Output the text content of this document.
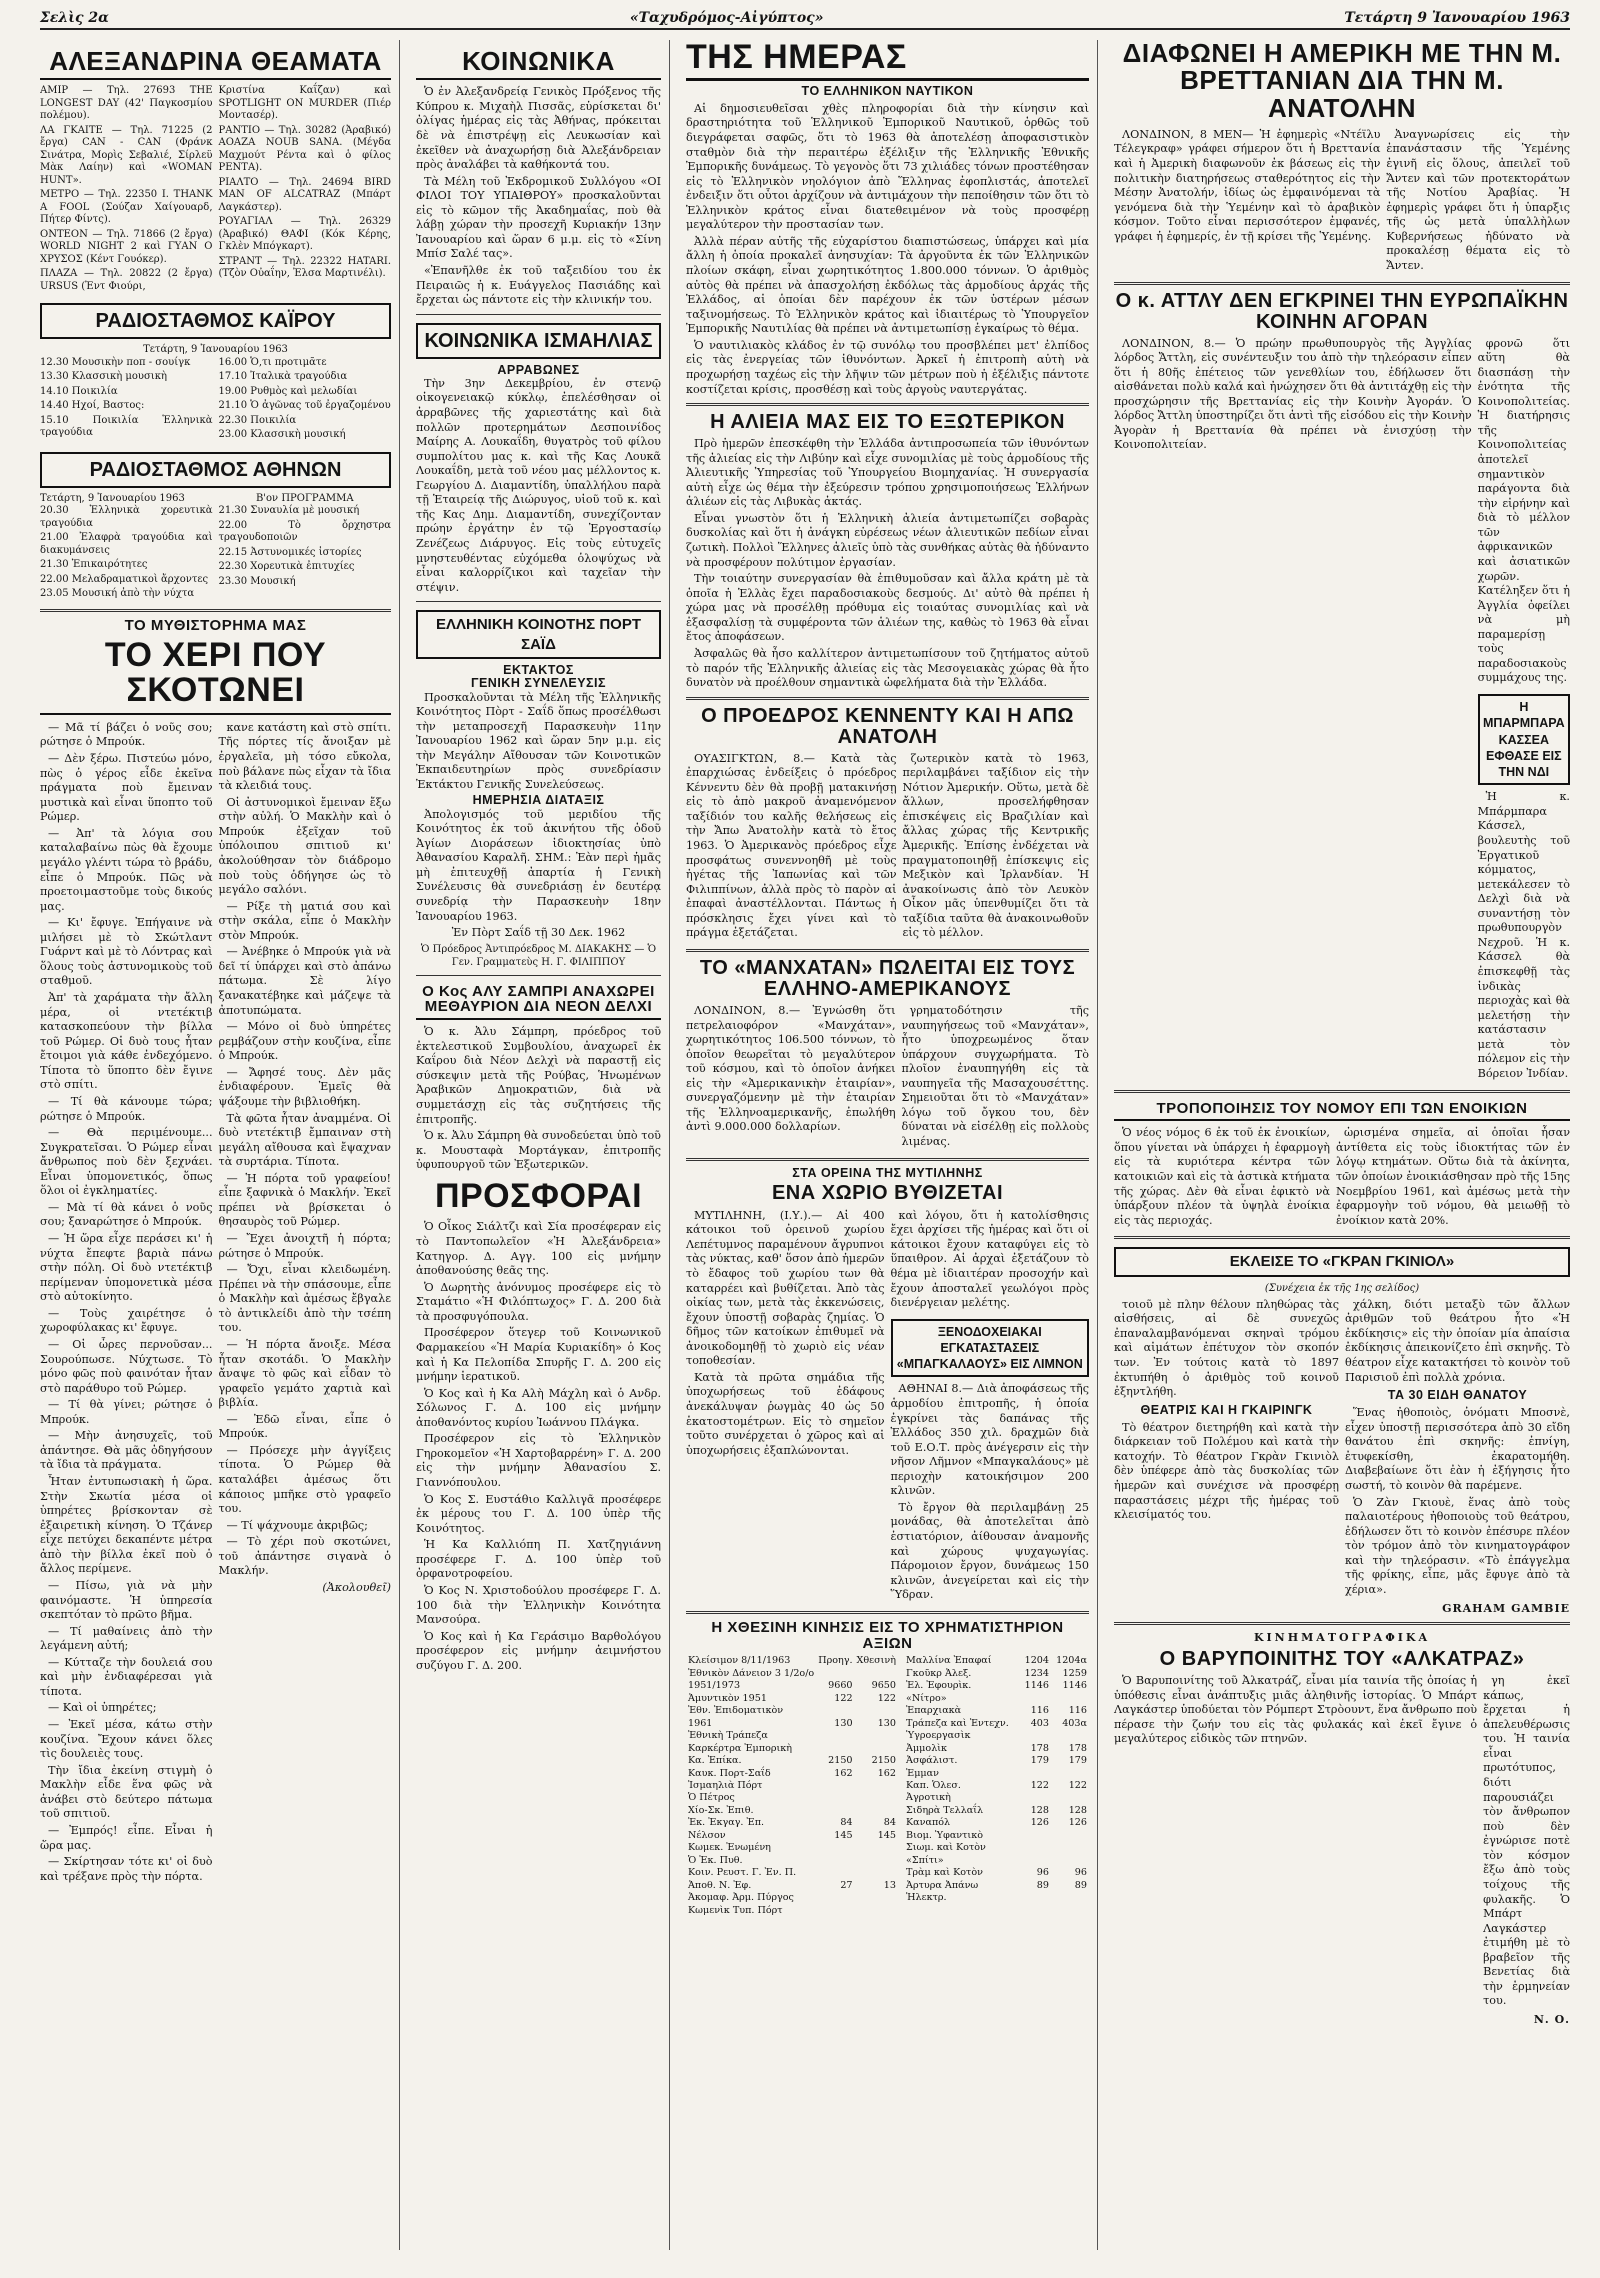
Σελὶς 2α	«Ταχυδρόμος-Αἰγύπτος»	Τετάρτη 9 Ἰανουαρίου 1963
ΑΛΕΞΑΝΔΡΙΝΑ ΘΕΑΜΑΤΑ

ΑΜΙΡ — Τηλ. 27693 THE LONGEST DAY (42' Παγκοσμίου πολέμου).

ΛΑ ΓΚΑΙΤΕ — Τηλ. 71225 (2 ἔργα) CAN - CAN (Φράνκ Σινάτρα, Μορὶς Σεβαλιέ, Σίρλεϋ Μὰκ Λαίην) καὶ «WOMAN HUNT».

ΜΕΤΡΟ — Τηλ. 22350 I. THANK A FOOL (Σούζαν Χαίγουαρδ, Πήτερ Φίντς).

ΟΝΤΕΟΝ — Τηλ. 71866 (2 ἔργα) WORLD NIGHT 2 καὶ ΓΥΑΝ Ο ΧΡΥΣΟΣ (Κέντ Γουόκερ).

ΠΛΑΖΑ — Τηλ. 20822 (2 ἔργα) URSUS (Ἐντ Φιούρι,

Κριστίνα Καΐζαν) καὶ SPOTLIGHT ON MURDER (Πιέρ Μοντασέρ).

ΡΑΝΤΙΟ — Τηλ. 30282 (Ἀραβικό) ΑΟΑΖΑ ΝΟUΒ SAΝΑ. (Μέγδα Μαχμούτ Ρέντα καὶ ὁ φίλος ΡΕΝΤΑ).

ΡΙΑΛΤΟ — Τηλ. 24694 BIRD MAN OF ALCATRAZ (Μπάρτ Λαγκάστερ).

ΡΟΥΑΓΙΑΛ — Τηλ. 26329 (Ἀραβικό) ΘΑΦΙ (Κόκ Κέρης, Γκλὲν Μπόγκαρτ).

ΣΤΡΑΝΤ — Τηλ. 22322 HATARI. (Τζὸν Οὐαΐην, Ἐλσα Μαρτινέλι).

ΡΑΔΙΟΣΤΑΘΜΟΣ ΚΑΪΡΟΥ
Τετάρτη, 9 Ἰανουαρίου 1963

12.30 Μουσικὴν ποπ - σουίγκ

13.30 Κλασσικὴ μουσικὴ

14.10 Ποικιλία

14.40 Ηχοί, Βαστος:

15.10 Ποικιλία Ἑλληνικὰ τραγούδια

16.00 Ὁ,τι προτιμᾶτε

17.10 Ἰταλικὰ τραγούδια

19.00 Ρυθμὸς καὶ μελωδίαι

21.10 Ὁ ἀγῶνας τοῦ ἐργαζομένου

22.30 Ποικιλία

23.00 Κλασσικὴ μουσική

ΡΑΔΙΟΣΤΑΘΜΟΣ ΑΘΗΝΩΝ
Τετάρτη, 9 Ἰανουαρίου 1963	Β'ον ΠΡΟΓΡΑΜΜΑ

20.30 Ἑλληνικὰ χορευτικὰ τραγούδια

21.00 Ἐλαφρὰ τραγούδια καὶ διακυμάνσεις

21.30 Ἐπικαιρότητες

22.00 Μελαδραματικοὶ ἄρχοντες

23.05 Μουσική ἀπὸ τὴν νύχτα

21.30 Συναυλία μὲ μουσική

22.00 Τὸ ὄρχηστρα τραγουδοποιῶν

22.15 Ἀστυνομικές ἱστορίες

22.30 Χορευτικὰ ἐπιτυχίες

23.30 Μουσική

ΤΟ ΜΥΘΙΣΤΟΡΗΜΑ ΜΑΣ
ΤΟ ΧΕΡΙ ΠΟΥ ΣΚΟΤΩΝΕΙ

— Μᾶ τί βάζει ὁ νοῦς σου; ρώτησε ὁ Μπρούκ.

— Δὲν ξέρω. Πιστεύω μόνο, πὼς ὁ γέρος εἶδε ἐκεῖνα πράγματα ποὺ ἔμειναν μυστικὰ καὶ εἶναι ὕποπτο τοῦ Ρώμερ.

— Ἀπ' τὰ λόγια σου καταλαβαίνω πὼς θὰ ἔχουμε μεγάλο γλέντι τώρα τὸ βράδυ, εἶπε ὁ Μπρούκ. Πῶς νὰ προετοιμαστοῦμε τοὺς δικούς μας.

— Κι' ἔφυγε. Ἐπήγαινε νὰ μιλήσει μὲ τὸ Σκώτλαντ Γυάρντ καὶ μὲ τὸ Λόντρας καὶ ὅλους τοὺς ἀστυνομικοὺς τοῦ σταθμοῦ.

Ἀπ' τὰ χαράματα τὴν ἄλλη μέρα, οἱ ντετέκτιβ κατασκοπεύουν τὴν βίλλα τοῦ Ρώμερ. Οἱ δυὸ τους ἦταν ἔτοιμοι γιὰ κάθε ἐνδεχόμενο. Τίποτα τὸ ὕποπτο δὲν ἔγινε στὸ σπίτι.

— Τί θὰ κάνουμε τώρα; ρώτησε ὁ Μπρούκ.

— Θὰ περιμένουμε... Συγκρατεῖσαι. Ὁ Ρώμερ εἶναι ἄνθρωπος ποὺ δὲν ξεχνάει. Εἶναι ὑπομονετικός, ὅπως ὅλοι οἱ ἐγκληματίες.

— Μὰ τί θὰ κάνει ὁ νοῦς σου; ξαναρώτησε ὁ Μπρούκ.

— Ἡ ὥρα εἶχε περάσει κι' ἡ νύχτα ἔπεφτε βαριὰ πάνω στὴν πόλη. Οἱ δυὸ ντετέκτιβ περίμεναν ὑπομονετικὰ μέσα στὸ αὐτοκίνητο.

— Τοὺς χαιρέτησε ὁ χωροφύλακας κι' ἔφυγε.

— Οἱ ὧρες περνοῦσαν... Σουρούπωσε. Νύχτωσε. Τὸ μόνο φῶς ποὺ φαινόταν ἦταν στὸ παράθυρο τοῦ Ρώμερ.

— Τί θὰ γίνει; ρώτησε ὁ Μπρούκ.

— Μὴν ἀνησυχεῖς, τοῦ ἀπάντησε. Θὰ μᾶς ὁδηγήσουν τὰ ἴδια τὰ πράγματα.

Ἦταν ἐντυπωσιακὴ ἡ ὥρα. Στὴν Σκωτία μέσα οἱ ὑπηρέτες βρίσκονταν σὲ ἐξαιρετικὴ κίνηση. Ὁ Τζάνερ εἶχε πετύχει δεκαπέντε μέτρα ἀπὸ τὴν βίλλα ἐκεῖ ποὺ ὁ ἄλλος περίμενε.

— Πίσω, γιὰ νὰ μὴν φαινόμαστε. Ἡ ὑπηρεσία σκεπτόταν τὸ πρῶτο βῆμα.

— Τί μαθαίνεις ἀπὸ τὴν λεγάμενη αὐτή;

— Κύτταζε τὴν δουλειά σου καὶ μὴν ἐνδιαφέρεσαι γιὰ τίποτα.

— Καὶ οἱ ὑπηρέτες;

— Ἐκεῖ μέσα, κάτω στὴν κουζίνα. Ἔχουν κάνει ὅλες τὶς δουλειὲς τους.

Τὴν ἴδια ἐκείνη στιγμὴ ὁ Μακλὴν εἶδε ἕνα φῶς νὰ ἀνάβει στὸ δεύτερο πάτωμα τοῦ σπιτιοῦ.

— Ἐμπρός! εἶπε. Εἶναι ἡ ὥρα μας.

— Σκίρτησαν τότε κι' οἱ δυὸ καὶ τρέξανε πρὸς τὴν πόρτα.

κανε κατάστη καὶ στὸ σπίτι. Τῆς πόρτες τίς ἄνοιξαν μὲ ἐργαλεῖα, μὴ τόσο εὔκολα, ποὺ βάλανε πὼς εἶχαν τὰ ἴδια τὰ κλειδιά τους.

Οἱ ἀστυνομικοὶ ἔμειναν ἔξω στὴν αὐλή. Ὁ Μακλὴν καὶ ὁ Μπρούκ ἐξεῖχαν τοῦ ὑπόλοιπου σπιτιοῦ κι' ἀκολούθησαν τὸν διάδρομο ποὺ τοὺς ὁδήγησε ὡς τὸ μεγάλο σαλόνι.

— Ρίξε τὴ ματιά σου καὶ στὴν σκάλα, εἶπε ὁ Μακλὴν στὸν Μπρούκ.

— Ἀνέβηκε ὁ Μπρούκ γιὰ νὰ δεῖ τί ὑπάρχει καὶ στὸ ἀπάνω πάτωμα. Σὲ λίγο ξανακατέβηκε καὶ μάζεψε τὰ ἀποτυπώματα.

— Μόνο οἱ δυὸ ὑπηρέτες ρεμβάζουν στὴν κουζίνα, εἶπε ὁ Μπρούκ.

— Ἄφησέ τους. Δὲν μᾶς ἐνδιαφέρουν. Ἐμεῖς θὰ ψάξουμε τὴν βιβλιοθήκη.

Τὰ φῶτα ἦταν ἀναμμένα. Οἱ δυὸ ντετέκτιβ ἔμπαιναν στὴ μεγάλη αἴθουσα καὶ ἔψαχναν τὰ συρτάρια. Τίποτα.

— Ἡ πόρτα τοῦ γραφείου! εἶπε ξαφνικὰ ὁ Μακλήν. Ἐκεῖ πρέπει νὰ βρίσκεται ὁ θησαυρὸς τοῦ Ρώμερ.

— Ἔχει ἀνοιχτῆ ἡ πόρτα; ρώτησε ὁ Μπρούκ.

— Ὄχι, εἶναι κλειδωμένη. Πρέπει νὰ τὴν σπάσουμε, εἶπε ὁ Μακλὴν καὶ ἀμέσως ἔβγαλε τὸ ἀντικλείδι ἀπὸ τὴν τσέπη του.

— Ἡ πόρτα ἄνοιξε. Μέσα ἦταν σκοτάδι. Ὁ Μακλὴν ἄναψε τὸ φῶς καὶ εἶδαν τὸ γραφεῖο γεμάτο χαρτιὰ καὶ βιβλία.

— Ἐδῶ εἶναι, εἶπε ὁ Μπρούκ.

— Πρόσεχε μὴν ἀγγίξεις τίποτα. Ὁ Ρώμερ θὰ καταλάβει ἀμέσως ὅτι κάποιος μπῆκε στὸ γραφεῖο του.

— Τί ψάχνουμε ἀκριβῶς;

— Τὸ χέρι ποὺ σκοτώνει, τοῦ ἀπάντησε σιγανὰ ὁ Μακλήν.

(Ἀκολουθεῖ)

ΚΟΙΝΩΝΙΚΑ

Ὁ ἐν Ἀλεξανδρείᾳ Γενικὸς Πρόξενος τῆς Κύπρου κ. Μιχαὴλ Πισσᾶς, εὑρίσκεται δι' ὀλίγας ἡμέρας εἰς τὰς Ἀθήνας, πρόκειται δὲ νὰ ἐπιστρέψῃ εἰς Λευκωσίαν καὶ ἐκεῖθεν νὰ ἀναχωρήσῃ διὰ Ἀλεξάνδρειαν πρὸς ἀναλάβει τὰ καθήκοντά του.

Τὰ Μέλη τοῦ Ἐκδρομικοῦ Συλλόγου «ΟΙ ΦΙΛΟΙ ΤΟΥ ΥΠΑΙΘΡΟΥ» προσκαλοῦνται εἰς τὸ κῶμον τῆς Ἀκαδημαΐας, ποὺ θὰ λάβῃ χώραν τὴν προσεχῆ Κυριακήν 13ην Ἰανουαρίου καὶ ὥραν 6 μ.μ. εἰς τὸ «Σίνη Μπίσ Σαλέ τας».

«Ἐπανῆλθε ἐκ τοῦ ταξειδίου του ἐκ Πειραιῶς ἡ κ. Ευάγγελος Πασιάδης καὶ ἔρχεται ὡς πάντοτε εἰς τὴν κλινικήν του.

ΚΟΙΝΩΝΙΚΑ ΙΣΜΑΗΛΙΑΣ
ΑΡΡΑΒΩΝΕΣ

Τὴν 3ην Δεκεμβρίου, ἐν στενῷ οἰκογενειακῷ κύκλῳ, ἐπελέσθησαν οἱ ἀρραβῶνες τῆς χαριεστάτης καὶ διὰ πολλῶν προτερημάτων Δεσποινίδος Μαίρης Α. Λουκαΐδη, θυγατρὸς τοῦ φίλου συμπολίτου μας κ. καὶ τῆς Κας Λουκᾶ Λουκαΐδη, μετὰ τοῦ νέου μας μέλλοντος κ. Γεωργίου Δ. Διαμαντίδη, ὑπαλλήλου παρὰ τῇ Ἑταιρείᾳ τῆς Διώρυγος, υἱοῦ τοῦ κ. καὶ τῆς Κας Δημ. Διαμαντίδη, συνεχίζονταν πρώην ἐργάτην ἐν τῷ Ἐργοστασίῳ Ζενέζεως Διάρυγος. Εἰς τοὺς εὐτυχεῖς μνηστευθέντας εὐχόμεθα ὁλοψύχως νὰ εἶναι καλορρίζικοι καὶ ταχεῖαν τὴν στέψιν.

ΕΛΛΗΝΙΚΗ ΚΟΙΝΟΤΗΣ ΠΟΡΤ ΣΑΪΔ
ΕΚΤΑΚΤΟΣ
ΓΕΝΙΚΗ ΣΥΝΕΛΕΥΣΙΣ

Προσκαλοῦνται τὰ Μέλη τῆς Ἑλληνικῆς Κοινότητος Πὸρτ - Σαΐδ ὅπως προσέλθωσι τὴν μεταπροσεχῆ Παρασκευὴν 11ην Ἰανουαρίου 1962 καὶ ὥραν 5ην μ.μ. εἰς τὴν Μεγάλην Αἴθουσαν τῶν Κοινοτικῶν Ἐκπαιδευτηρίων πρὸς συνεδρίασιν Ἐκτάκτου Γενικῆς Συνελεύσεως.

ΗΜΕΡΗΣΙΑ ΔΙΑΤΑΞΙΣ

Ἀπολογισμός τοῦ μεριδίου τῆς Κοινότητος ἐκ τοῦ ἀκινήτου τῆς ὁδοῦ Ἀγίων Διοράσεων ἰδιοκτησίας ὑπὸ Ἀθανασίου Καραλῆ. ΣΗΜ.: Ἐὰν περὶ ἡμᾶς μὴ ἐπιτευχθῇ ἀπαρτία ἡ Γενικὴ Συνέλευσις θὰ συνεδριάσῃ ἐν δευτέρᾳ συνεδρίᾳ τὴν Παρασκευὴν 18ην Ἰανουαρίου 1963.

Ἐν Πὸρτ Σαΐδ τῇ 30 Δεκ. 1962

Ὁ Πρόεδρος Ἀντιπρόεδρος Μ. ΔΙΑΚΑΚΗΣ — Ὁ Γεν. Γραμματεὺς Η. Γ. ΦΙΛΙΠΠΟΥ

Ο Κος ΑΛΥ ΣΑΜΠΡΙ ΑΝΑΧΩΡΕΙ ΜΕΘΑΥΡΙΟΝ ΔΙΑ ΝΕΟΝ ΔΕΛΧΙ

Ὁ κ. Ἀλυ Σάμπρη, πρόεδρος τοῦ ἐκτελεστικοῦ Συμβουλίου, ἀναχωρεῖ ἐκ Καΐρου διὰ Νέον Δελχὶ νὰ παραστῇ εἰς σύσκεψιν μετὰ τῆς Ρούβας, Ἡνωμένων Ἀραβικῶν Δημοκρατιῶν, διὰ νὰ συμμετάσχῃ εἰς τὰς συζητήσεις τῆς ἐπιτροπῆς.

Ὁ κ. Ἀλυ Σάμπρη θὰ συνοδεύεται ὑπὸ τοῦ κ. Μουσταφὰ Μορτάγκαν, ἐπιτροπῆς ὑφυπουργοῦ τῶν Ἐξωτερικῶν.

ΠΡΟΣΦΟΡΑΙ

Ὁ Οἶκος Σιάλτζι καὶ Σία προσέφεραν εἰς τὸ Παντοπωλεῖον «Ἡ Ἀλεξάνδρεια» Κατηγορ. Δ. Αγγ. 100 εἰς μνήμην ἀποθανούσης θεᾶς της.

Ὁ Δωρητὴς ἀνόνυμος προσέφερε εἰς τὸ Σταμάτιο «Ἡ Φιλόπτωχος» Γ. Δ. 200 διὰ τὰ προσφυγόπουλα.

Προσέφερον ὅτεγερ τοῦ Κοινωνικοῦ Φαρμακείου «Ἡ Μαρία Κυριακίδη» ὁ Κος καὶ ἡ Κα Πελοπίδα Σπυρῆς Γ. Δ. 200 εἰς μνήμην ἱερατικοῦ.

Ὁ Κος καὶ ἡ Κα Αλὴ Μάχλη καὶ ὁ Ανδρ. Σόλωνος Γ. Δ. 100 εἰς μνήμην ἀποθανόντος κυρίου Ἰωάννου Πλάγκα.

Προσέφερον εἰς τὸ Ἑλληνικὸν Γηροκομεῖον «Ἡ Χαρτοβαρρένη» Γ. Δ. 200 εἰς τὴν μνήμην Ἀθανασίου Σ. Γιαννόπουλου.

Ὁ Κος Σ. Ευστάθιο Καλλιγᾶ προσέφερε ἐκ μέρους του Γ. Δ. 100 ὑπὲρ τῆς Κοινότητος.

Ἡ Κα Καλλιόπη Π. Χατζηγιάννη προσέφερε Γ. Δ. 100 ὑπὲρ τοῦ ὀρφανοτροφείου.

Ὁ Κος Ν. Χριστοδούλου προσέφερε Γ. Δ. 100 διὰ τὴν Ἑλληνικὴν Κοινότητα Μανσούρα.

Ὁ Κος καὶ ἡ Κα Γεράσιμο Βαρθολόγου προσέφερον εἰς μνήμην ἀειμνήστου συζύγου Γ. Δ. 200.

ΤΗΣ ΗΜΕΡΑΣ
ΤΟ ΕΛΛΗΝΙΚΟΝ ΝΑΥΤΙΚΟΝ

Αἱ δημοσιευθεῖσαι χθὲς πληροφορίαι διὰ τὴν κίνησιν καὶ δραστηριότητα τοῦ Ἑλληνικοῦ Ἐμπορικοῦ Ναυτικοῦ, ὁρθῶς τοῦ διεγράφεται σαφῶς, ὅτι τὸ 1963 θὰ ἀποτελέσῃ ἀποφασιστικὸν σταθμὸν διὰ τὴν περαιτέρω ἐξέλιξιν τῆς Ἑλληνικῆς Ἐθνικῆς Ἐμπορικῆς δυνάμεως. Τὸ γεγονὸς ὅτι 73 χιλιάδες τόνων προστέθησαν εἰς τὸ Ἑλληνικὸν νηολόγιον ἀπὸ Ἕλληνας ἐφοπλιστάς, ἀποτελεῖ ἐνδειξιν ὅτι οὗτοι ἀρχίζουν νὰ ἀντιμάχουν τὴν πεποίθησιν τῶν ὅτι τὸ Ἑλληνικὸν κράτος εἶναι διατεθειμένον νὰ τοὺς προσφέρῃ μεγαλύτερον τὴν προστασίαν των.

Ἀλλὰ πέραν αὐτῆς τῆς εὐχαρίστου διαπιστώσεως, ὑπάρχει καὶ μία ἄλλη ἡ ὁποία προκαλεῖ ἀνησυχίαν: Τὰ ἀργοῦντα ἐκ τῶν Ἑλληνικῶν πλοίων σκάφη, εἶναι χωρητικότητος 1.800.000 τόννων. Ὁ ἀριθμὸς αὐτὸς θὰ πρέπει νὰ ἀπασχολήσῃ ἐκδόλως τὰς ἀρμοδίους ἀρχάς τῆς Ἑλλάδος, αἱ ὁποίαι δὲν παρέχουν ἐκ τῶν ὑστέρων μέσων ταξινομήσεως. Τὸ Ἑλληνικὸν κράτος καὶ ἰδιαιτέρως τὸ Ὑπουργεῖον Ἐμπορικῆς Ναυτιλίας θὰ πρέπει νὰ ἀντιμετωπίσῃ ἐγκαίρως τὸ θέμα.

Ὁ ναυτιλιακὸς κλάδος ἐν τῷ συνόλῳ του προσβλέπει μετ' ἐλπίδος εἰς τὰς ἐνεργείας τῶν ἰθυνόντων. Ἀρκεῖ ἡ ἐπιτροπὴ αὐτὴ νὰ προχωρήσῃ ταχέως εἰς τὴν λῆψιν τῶν μέτρων ποὺ ἡ ἐξέλιξις πάντοτε κοστίζεται κρίσις, προσθέσῃ καὶ τοὺς ἀργοὺς ναυτεργάτας.

Η ΑΛΙΕΙΑ ΜΑΣ ΕΙΣ ΤΟ ΕΞΩΤΕΡΙΚΟΝ

Πρὸ ἡμερῶν ἐπεσκέφθη τὴν Ἑλλάδα ἀντιπροσωπεία τῶν ἰθυνόντων τῆς ἀλιείας εἰς τὴν Λιβύην καὶ εἶχε συνομιλίας μὲ τοὺς ἁρμοδίους τῆς Ἀλιευτικῆς Ὑπηρεσίας τοῦ Ὑπουργείου Βιομηχανίας. Ἡ συνεργασία αὐτὴ εἶχε ὡς θέμα τὴν ἐξεύρεσιν τρόπου χρησιμοποιήσεως Ἑλλήνων ἁλιέων εἰς τὰς Λιβυκὰς ἀκτάς.

Εἶναι γνωστὸν ὅτι ἡ Ἑλληνικὴ ἀλιεία ἀντιμετωπίζει σοβαρὰς δυσκολίας καὶ ὅτι ἡ ἀνάγκη εὑρέσεως νέων ἁλιευτικῶν πεδίων εἶναι ζωτικὴ. Πολλοὶ Ἕλληνες ἁλιεῖς ὑπὸ τὰς συνθήκας αὐτὰς θὰ ἠδύναντο νὰ προσφέρουν πολύτιμον ἐργασίαν.

Τὴν τοιαύτην συνεργασίαν θὰ ἐπιθυμοῦσαν καὶ ἄλλα κράτη μὲ τὰ ὁποῖα ἡ Ἑλλὰς ἔχει παραδοσιακοὺς δεσμούς. Δι' αὐτὸ θὰ πρέπει ἡ χώρα μας νὰ προσέλθῃ πρόθυμα εἰς τοιαύτας συνομιλίας καὶ νὰ ἐξασφαλίσῃ τὰ συμφέροντα τῶν ἁλιέων της, καθὼς τὸ 1963 θὰ εἶναι ἔτος ἀποφάσεων.

Ἀσφαλῶς θὰ ἦσο καλλίτερον ἀντιμετωπίσουν τοῦ ζητήματος αὐτοῦ τὸ παρόν τῆς Ἑλληνικῆς ἀλιείας εἰς τὰς Μεσογειακὰς χώρας θὰ ἦτο δυνατὸν νὰ προέλθουν σημαντικὰ ὠφελήματα διὰ τὴν Ἑλλάδα.

Ο ΠΡΟΕΔΡΟΣ ΚΕΝΝΕΝΤΥ ΚΑΙ Η ΑΠΩ ΑΝΑΤΟΛΗ

ΟΥΑΣΙΓΚΤΩΝ, 8.— Κατὰ τὰς ἐπαρχιώσας ἐνδείξεις ὁ πρόεδρος Κέννεντυ δὲν θὰ προβῇ ματακινήσῃ εἰς τὸ ἀπὸ μακροῦ ἀναμενόμενον ταξίδιόν του καλῆς θελήσεως εἰς τὴν Ἄπω Ἀνατολὴν κατὰ τὸ ἔτος 1963. Ὁ Ἀμερικανὸς πρόεδρος εἶχε προσφάτως συνεννοηθῆ μὲ τοὺς ἡγέτας τῆς Ἰαπωνίας καὶ τῶν Φιλιππίνων, ἀλλὰ πρὸς τὸ παρὸν αἱ ἐπαφαὶ ἀναστέλλονται. Πάντως ἡ πρόσκλησις ἔχει γίνει καὶ τὸ πράγμα ἐξετάζεται.

ζωτερικὸν κατὰ τὸ 1963, περιλαμβάνει ταξίδιον εἰς τὴν Νότιον Ἀμερικήν. Οὕτω, μετὰ δὲ ἄλλων, προσελήφθησαν ἐπισκέψεις εἰς Βραζιλίαν καὶ ἄλλας χώρας τῆς Κεντρικῆς Ἀμερικῆς. Ἐπίσης ἐνδέχεται νὰ πραγματοποιηθῇ ἐπίσκεψις εἰς Μεξικὸν καὶ Ἰρλανδίαν. Ἡ ἀνακοίνωσις ἀπὸ τὸν Λευκὸν Οἶκον μᾶς ὑπενθυμίζει ὅτι τὰ ταξίδια ταῦτα θὰ ἀνακοινωθοῦν εἰς τὸ μέλλον.

ΤΟ «ΜΑΝΧΑΤΑΝ» ΠΩΛΕΙΤΑΙ ΕΙΣ ΤΟΥΣ ΕΛΛΗΝΟ-ΑΜΕΡΙΚΑΝΟΥΣ

ΛΟΝΔΙΝΟΝ, 8.— Ἐγνώσθη ὅτι πετρελαιοφόρον «Μανχάταν», χωρητικότητος 106.500 τόννων, τὸ ὁποῖον θεωρεῖται τὸ μεγαλύτερον τοῦ κόσμου, καὶ τὸ ὁποῖον ἀνήκει εἰς τὴν «Ἀμερικανικὴν ἑταιρίαν», συνεργαζόμενην μὲ τὴν ἑταιρίαν τῆς Ἑλληνοαμερικανῆς, ἐπωλήθη ἀντὶ 9.000.000 δολλαρίων.

γρηματοδότησιν τῆς ναυπηγήσεως τοῦ «Μανχάταν», ἦτο ὑποχρεωμένος ὅταν ὑπάρχουν συγχωρήματα. Τὸ πλοῖον ἐναυπηγήθη εἰς τὰ ναυπηγεῖα τῆς Μασαχουσέττης. Σημειοῦται ὅτι τὸ «Μανχάταν» λόγω τοῦ ὄγκου του, δὲν δύναται νὰ εἰσέλθῃ εἰς πολλοὺς λιμένας.

ΣΤΑ ΟΡΕΙΝΑ ΤΗΣ ΜΥΤΙΛΗΝΗΣ
ΕΝΑ ΧΩΡΙΟ ΒΥΘΙΖΕΤΑΙ

ΜΥΤΙΛΗΝΗ, (Ι.Υ.).— Αἱ 400 κάτοικοι τοῦ ὀρεινοῦ χωρίου Λεπέτυμνος παραμένουν ἄγρυπνοι τὰς νύκτας, καθ' ὅσον ἀπὸ ἡμερῶν τὸ ἔδαφος τοῦ χωρίου των θὰ καταρρέει καὶ βυθίζεται. Ἀπὸ τὰς οἰκίας των, μετὰ τὰς ἐκκενώσεις, ἔχουν ὑποστῇ σοβαρὰς ζημίας. Ὁ δῆμος τῶν κατοίκων ἐπιθυμεῖ νὰ ἀνοικοδομηθῇ τὸ χωριὸ εἰς νέαν τοποθεσίαν.

Κατὰ τὰ πρῶτα σημάδια τῆς ὑποχωρήσεως τοῦ ἐδάφους ἀνεκάλυψαν ῥωγμὰς 40 ὡς 50 ἑκατοστομέτρων. Εἰς τὸ σημεῖον τοῦτο συνέρχεται ὁ χῶρος καὶ αἱ ὑποχωρήσεις ἐξαπλώνονται.

καὶ λόγου, ὅτι ἡ κατολίσθησις ἔχει ἀρχίσει τῆς ἡμέρας καὶ ὅτι οἱ κάτοικοι ἔχουν καταφύγει εἰς τὸ ὕπαιθρον. Αἱ ἀρχαὶ ἐξετάζουν τὸ θέμα μὲ ἰδιαιτέραν προσοχήν καὶ ἔχουν ἀποσταλεῖ γεωλόγοι πρὸς διενέργειαν μελέτης.

ΞΕΝΟΔΟΧΕΙΑΚΑΙ ΕΓΚΑΤΑΣΤΑΣΕΙΣ «ΜΠΑΓΚΑΛΑΟΥΣ» ΕΙΣ ΛΙΜΝΟΝ

ΑΘΗΝΑΙ 8.— Διὰ ἀποφάσεως τῆς ἁρμοδίου ἐπιτροπῆς, ἡ ὁποία ἐγκρίνει τὰς δαπάνας τῆς Ἑλλάδος 350 χιλ. δραχμῶν διὰ τοῦ Ε.Ο.Τ. πρὸς ἀνέγερσιν εἰς τὴν νῆσον Λῆμνον «Μπαγκαλάους» μὲ περιοχὴν κατοικήσιμον 200 κλινῶν.

Τὸ ἔργον θὰ περιλαμβάνῃ 25 μονάδας, θὰ ἀποτελεῖται ἀπὸ ἐστιατόριον, ἀίθουσαν ἀναμονῆς καὶ χώρους ψυχαγωγίας. Πάρομοιον ἔργον, δυνάμεως 150 κλινῶν, ἀνεγείρεται καὶ εἰς τὴν Ὕδραν.

Η ΧΘΕΣΙΝΗ ΚΙΝΗΣΙΣ ΕΙΣ ΤΟ ΧΡΗΜΑΤΙΣΤΗΡΙΟΝ ΑΞΙΩΝ
Κλείσιμον 8/11/1963	Προηγ.	Χθεσινὴ
Ἐθνικὸν Δάνειον 3 1/2ο/ο		
1951/1973	9660	9650
Ἀμυντικὸν 1951	122	122
Ἐθν. Ἐπιδοματικὸν		
1961	130	130
Ἐθνικὴ Τράπεζα		
Καρκέρτρα Ἐμπορικὴ		
Κα. Ἐπίκα.	2150	2150
Καυκ. Πορτ-Σαΐδ	162	162
Ἰσμαηλιὰ Πόρτ		
Ὁ Πέτρος		
Χίο-Σκ. Ἐπιθ.		
Ἐκ. Ἐκγαγ. Ἐπ.	84	84
Νέλσον	145	145
Κωμεκ. Ἐνωμένη		
Ὁ Ἐκ. Πυθ.		
Κοιν. Ρευστ. Γ. Ἐν. Π.		
Ἀποθ. Ν. Ἐφ.	27	13
Ἀκομαφ. Ἀρμ. Πύργος		
Κωμενὶκ Τυπ. Πόρτ		
Μαλλίνα Ἐπαφαί	1204	1204α
Γκοῦκρ Ἀλεξ.	1234	1259
Ἐλ. Ἐφουρὶκ.	1146	1146
«Νίτρο»		
Ἐπαρχιακὰ	116	116
Τράπεζα καὶ Ἐντεχν.	403	403α
Ὑγροεργασὶκ		
Ἀμμολὶκ	178	178
Ἀσφάλιστ.	179	179
Ἐμμαν		
Καπ. Ὁλεσ.	122	122
Ἀγροτικὴ		
Σιδηρὰ Τελλαΐλ	128	128
Καναπόλ	126	126
Βιομ. Ὑφαντικὸ		
Σιωμ. καὶ Κοτὸν		
«Σπίτι»		
Τρὰμ καὶ Κοτὸν	96	96
Ἀρτυρα Ἀπάνω	89	89
Ἡλεκτρ.		
ΔΙΑΦΩΝΕΙ Η ΑΜΕΡΙΚΗ ΜΕ ΤΗΝ Μ. ΒΡΕΤΤΑΝΙΑΝ ΔΙΑ ΤΗΝ Μ. ΑΝΑΤΟΛΗΝ

ΛΟΝΔΙΝΟΝ, 8 ΜΕΝ— Ἡ ἐφημερὶς «Ντέϊλυ Τέλεγκραφ» γράφει σήμερον ὅτι ἡ Βρεττανία καὶ ἡ Ἀμερικὴ διαφωνοῦν ἐκ βάσεως εἰς τὴν πολιτικὴν διατηρήσεως σταθερότητος εἰς τὴν Μέσην Ἀνατολήν, ἰδίως ὡς ἐμφαινόμεναι τὰ γενόμενα διὰ τὴν Ὑεμένην καὶ τὸ ἀραβικὸν κόσμον. Τοῦτο εἶναι περισσότερον ἐμφανές, γράφει ἡ ἐφημερίς, ἐν τῇ κρίσει τῆς Ὑεμένης.

Ἀναγνωρίσεις εἰς τὴν ἐπανάστασιν τῆς Ὑεμένης ἐγινῆ εἰς ὅλους, ἀπειλεῖ τοῦ Ἄντεν καὶ τῶν προτεκτοράτων τῆς Νοτίου Ἀραβίας. Ἡ ἐφημερὶς γράφει ὅτι ἡ ὑπαρξις τῆς ὡς μετὰ ὑπαλλὴλων Κυβερνήσεως ἠδύνατο νὰ προκαλέσῃ θέματα εἰς τὸ Ἄντεν.

Ο κ. ΑΤΤΛΥ ΔΕΝ ΕΓΚΡΙΝΕΙ ΤΗΝ ΕΥΡΩΠΑΪΚΗΝ ΚΟΙΝΗΝ ΑΓΟΡΑΝ

ΛΟΝΔΙΝΟΝ, 8.— Ὁ πρώην πρωθυπουργὸς τῆς Ἀγγλίας λόρδος Ἄττλη, εἰς συνέντευξιν του ἀπὸ τὴν τηλεόρασιν εἶπεν ὅτι ἡ 80ῆς ἐπέτειος τῶν γενεθλίων του, ἐδήλωσεν ὅτι αἰσθάνεται πολὺ καλά καὶ ἠνώχησεν ὅτι θὰ ἀντιτάχθῃ εἰς τὴν προσχώρησιν τῆς Βρεττανίας εἰς τὴν Κοινὴν Ἀγοράν. Ὁ λόρδος Ἄττλη ὑποστηρίζει ὅτι ἀντὶ τῆς εἰσόδου εἰς τὴν Κοινὴν Ἀγορὰν ἡ Βρεττανία θὰ πρέπει νὰ ἐνισχύσῃ τὴν Κοινοπολιτείαν.

φρονῶ ὅτι αὕτη θὰ διασπάσῃ τὴν ἐνότητα τῆς Κοινοπολιτείας. Ἡ διατήρησις τῆς Κοινοπολιτείας ἀποτελεῖ σημαντικὸν παράγοντα διὰ τὴν εἰρήνην καὶ διὰ τὸ μέλλον τῶν ἀφρικανικῶν καὶ ἀσιατικῶν χωρῶν. Κατέληξεν ὅτι ἡ Ἀγγλία ὀφείλει νὰ μὴ παραμερίσῃ τοὺς παραδοσιακοὺς συμμάχους της.

Η ΜΠΑΡΜΠΑΡΑ ΚΑΣΣΕΑ ΕΦΘΑΣΕ ΕΙΣ ΤΗΝ ΝΔΙ

Ἡ κ. Μπάρμπαρα Κάσσελ, βουλευτὴς τοῦ Ἐργατικοῦ κόμματος, μετεκάλεσεν τὸ Δελχὶ διὰ νὰ συναντήσῃ τὸν πρωθυπουργὸν Νεχροῦ. Ἡ κ. Κάσσελ θὰ ἐπισκεφθῇ τὰς ἰνδικὰς περιοχὰς καὶ θὰ μελετήσῃ τὴν κατάστασιν μετὰ τὸν πόλεμον εἰς τὴν Βόρειον Ἰνδίαν.

ΤΡΟΠΟΠΟΙΗΣΙΣ ΤΟΥ ΝΟΜΟΥ ΕΠΙ ΤΩΝ ΕΝΟΙΚΙΩΝ

Ὁ νέος νόμος 6 ἐκ τοῦ ἐκ ἐνοικίων, ὅπου γίνεται νὰ ὑπάρχει ἡ ἐφαρμογὴ εἰς τὰ κυριότερα κέντρα τῶν κατοικιῶν καὶ εἰς τὰ ἀστικὰ κτήματα τῆς χώρας. Δὲν θὰ εἶναι ἐφικτὸ νὰ ὑπάρξουν πλέον τὰ ὑψηλὰ ἐνοίκια εἰς τὰς περιοχάς.

ὡρισμένα σημεῖα, αἱ ὁποῖαι ἦσαν ἀντίθετα εἰς τοὺς ἰδιοκτήτας τῶν ἐν λόγῳ κτημάτων. Οὕτω διὰ τὰ ἀκίνητα, τῶν ὁποίων ἐνοικιάσθησαν πρὸ τῆς 15ης Νοεμβρίου 1961, καὶ ἀμέσως μετὰ τὴν ἐφαρμογὴν τοῦ νόμου, θὰ μειωθῇ τὸ ἐνοίκιον κατὰ 20%.

ΕΚΛΕΙΣΕ ΤΟ «ΓΚΡΑΝ ΓΚΙΝΙΟΛ»
(Συνέχεια ἐκ τῆς 1ης σελίδος)

τοιοῦ μὲ πλην θέλουν πληθώρας τὰς αἰσθήσεις, αἱ δὲ συνεχῶς ἐπαναλαμβανόμεναι σκηναὶ τρόμου καὶ αἰμάτων ἐπέτυχον τὸν σκοπόν των. Ἐν τούτοις κατὰ τὸ 1897 ἐκτυπήθη ὁ ἀριθμὸς τοῦ κοινοῦ ἐξηντλήθη.

ΘΕΑΤΡΙΣ ΚΑΙ Η ΓΚΑΙΡΙΝΓΚ

Τὸ θέατρον διετηρήθη καὶ κατὰ τὴν διάρκειαν τοῦ Πολέμου καὶ κατὰ τὴν κατοχήν. Τὸ θέατρον Γκρὰν Γκινιὸλ δὲν ὑπέφερε ἀπὸ τὰς δυσκολίας τῶν ἡμερῶν καὶ συνέχισε νὰ προσφέρῃ παραστάσεις μέχρι τῆς ἡμέρας τοῦ κλεισίματός του.

χάλκη, διότι μεταξὺ τῶν ἄλλων ἀριθμῶν τοῦ θεάτρου ἦτο «Ἡ ἐκδίκησις» εἰς τὴν ὁποίαν μία ἀπαίσια ἐκδίκησις ἀπεικονίζετο ἐπὶ σκηνῆς. Τὸ θέατρον εἶχε κατακτήσει τὸ κοινὸν τοῦ Παρισιοῦ ἐπὶ πολλὰ χρόνια.

ΤΑ 30 ΕΙΔΗ ΘΑΝΑΤΟΥ

Ἕνας ἠθοποιὸς, ὀνόματι Μποσνὲ, εἶχεν ὑποστῇ περισσότερα ἀπὸ 30 εἴδη θανάτου ἐπὶ σκηνῆς: ἐπνίγη, ἐτυφεκίσθη, ἐκαρατομήθη. Διαβεβαίωνε ὅτι ἐὰν ἡ ἐξήγησις ἦτο σωστή, τὸ κοινὸν θὰ παρέμενε.

Ὁ Ζὰν Γκιουὲ, ἕνας ἀπὸ τοὺς παλαιοτέρους ἠθοποιοὺς τοῦ θεάτρου, ἐδήλωσεν ὅτι τὸ κοινὸν ἐπέσυρε πλέον τὸν τρόμον ἀπὸ τὸν κινηματογράφον καὶ τὴν τηλεόρασιν. «Τὸ ἐπάγγελμα τῆς φρίκης, εἶπε, μᾶς ἔφυγε ἀπὸ τὰ χέρια».

GRAHAM GAMBIE
ΚΙΝΗΜΑΤΟΓΡΑΦΙΚΑ
Ο ΒΑΡΥΠΟΙΝΙΤΗΣ ΤΟΥ «ΑΛΚΑΤΡΑΖ»

Ὁ Βαρυποινίτης τοῦ Ἀλκατράζ, εἶναι μία ταινία τῆς ὁποίας ἡ ὑπόθεσις εἶναι ἀνάπτυξις μιᾶς ἀληθινῆς ἱστορίας. Ὁ Μπάρτ Λαγκάστερ ὑποδύεται τὸν Ρόμπερτ Στρὸουντ, ἕνα ἄνθρωπο ποὺ πέρασε τὴν ζωήν του εἰς τὰς φυλακάς καὶ ἐκεῖ ἔγινε ὁ μεγαλύτερος εἰδικὸς τῶν πτηνῶν.

γη ἐκεῖ κάπως, ἔρχεται ἡ ἀπελευθέρωσις του. Ἡ ταινία εἶναι πρωτότυπος, διότι παρουσιάζει τὸν ἄνθρωπον ποὺ δὲν ἐγνώρισε ποτὲ τὸν κόσμον ἔξω ἀπὸ τοὺς τοίχους τῆς φυλακῆς. Ὁ Μπάρτ Λαγκάστερ ἐτιμήθη μὲ τὸ βραβεῖον τῆς Βενετίας διὰ τὴν ἑρμηνείαν του.

Ν. Ο.
